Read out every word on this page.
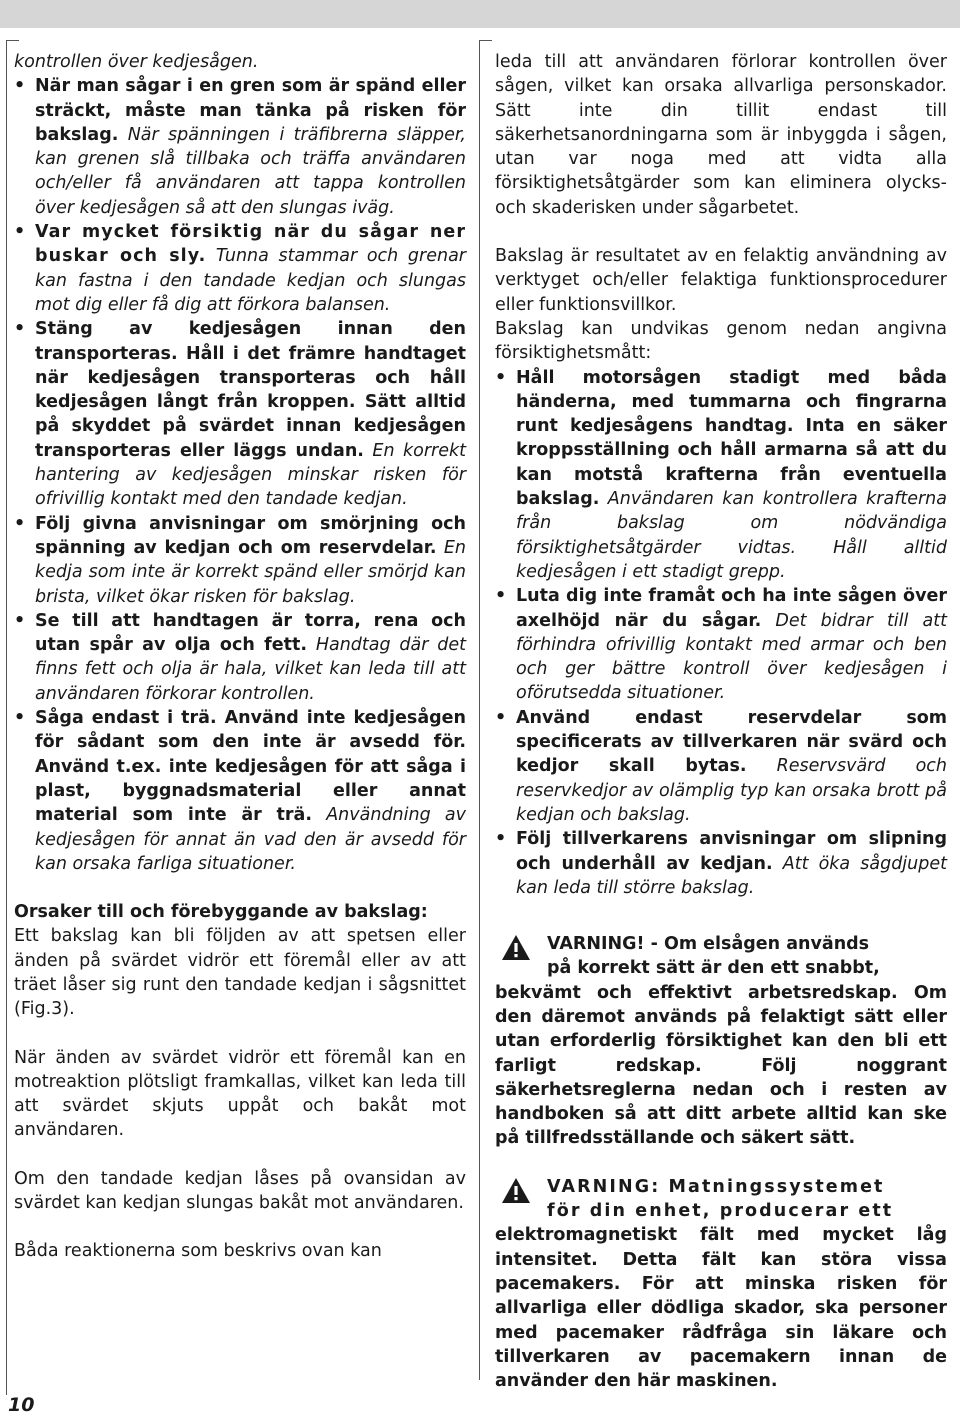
kontrollen över kedjesågen.

• När man sågar i en gren som är spänd eller sträckt, måste man tänka på risken för bakslag. När spänningen i träfibrerna släpper, kan grenen slå tillbaka och träffa användaren och/eller få användaren att tappa kontrollen över kedjesågen så att den slungas iväg.

• Var mycket försiktig när du sågar ner buskar och sly. Tunna stammar och grenar kan fastna i den tandade kedjan och slungas mot dig eller få dig att förkora balansen.

• Stäng av kedjesågen innan den transporteras. Håll i det främre handtaget när kedjesågen transporteras och håll kedjesågen långt från kroppen. Sätt alltid på skyddet på svärdet innan kedjesågen transporteras eller läggs undan. En korrekt hantering av kedjesågen minskar risken för ofrivillig kontakt med den tandade kedjan.

• Följ givna anvisningar om smörjning och spänning av kedjan och om reservdelar. En kedja som inte är korrekt spänd eller smörjd kan brista, vilket ökar risken för bakslag.

• Se till att handtagen är torra, rena och utan spår av olja och fett. Handtag där det finns fett och olja är hala, vilket kan leda till att användaren förkorar kontrollen.

• Såga endast i trä. Använd inte kedjesågen för sådant som den inte är avsedd för. Använd t.ex. inte kedjesågen för att såga i plast, byggnadsmaterial eller annat material som inte är trä. Användning av kedjesågen för annat än vad den är avsedd för kan orsaka farliga situationer.

Orsaker till och förebyggande av bakslag:

Ett bakslag kan bli följden av att spetsen eller änden på svärdet vidrör ett föremål eller av att träet låser sig runt den tandade kedjan i sågsnittet (Fig.3).

När änden av svärdet vidrör ett föremål kan en motreaktion plötsligt framkallas, vilket kan leda till att svärdet skjuts uppåt och bakåt mot användaren.

Om den tandade kedjan låses på ovansidan av svärdet kan kedjan slungas bakåt mot användaren.

Båda reaktionerna som beskrivs ovan kan

leda till att användaren förlorar kontrollen över sågen, vilket kan orsaka allvarliga personskador. Sätt inte din tillit endast till säkerhetsanordningarna som är inbyggda i sågen, utan var noga med att vidta alla försiktighetsåtgärder som kan eliminera olycks- och skaderisken under sågarbetet.

Bakslag är resultatet av en felaktig användning av verktyget och/eller felaktiga funktionsprocedurer eller funktionsvillkor.

Bakslag kan undvikas genom nedan angivna försiktighetsmått:

• Håll motorsågen stadigt med båda händerna, med tummarna och fingrarna runt kedjesågens handtag. Inta en säker kroppsställning och håll armarna så att du kan motstå krafterna från eventuella bakslag. Användaren kan kontrollera krafterna från bakslag om nödvändiga försiktighetsåtgärder vidtas. Håll alltid kedjesågen i ett stadigt grepp.

• Luta dig inte framåt och ha inte sågen över axelhöjd när du sågar. Det bidrar till att förhindra ofrivillig kontakt med armar och ben och ger bättre kontroll över kedjesågen i oförutsedda situationer.

• Använd endast reservdelar som specificerats av tillverkaren när svärd och kedjor skall bytas. Reservsvärd och reservkedjor av olämplig typ kan orsaka brott på kedjan och bakslag.

• Följ tillverkarens anvisningar om slipning och underhåll av kedjan. Att öka sågdjupet kan leda till större bakslag.

VARNING! - Om elsågen används

på korrekt sätt är den ett snabbt,

bekvämt och effektivt arbetsredskap. Om den däremot används på felaktigt sätt eller utan erforderlig försiktighet kan den bli ett farligt redskap. Följ noggrant säkerhetsreglerna nedan och i resten av handboken så att ditt arbete alltid kan ske på tillfredsställande och säkert sätt.

VARNING: Matningssystemet

för din enhet, producerar ett

elektromagnetiskt fält med mycket låg intensitet. Detta fält kan störa vissa pacemakers. För att minska risken för allvarliga eller dödliga skador, ska personer med pacemaker rådfråga sin läkare och tillverkaren av pacemakern innan de använder den här maskinen.

10
